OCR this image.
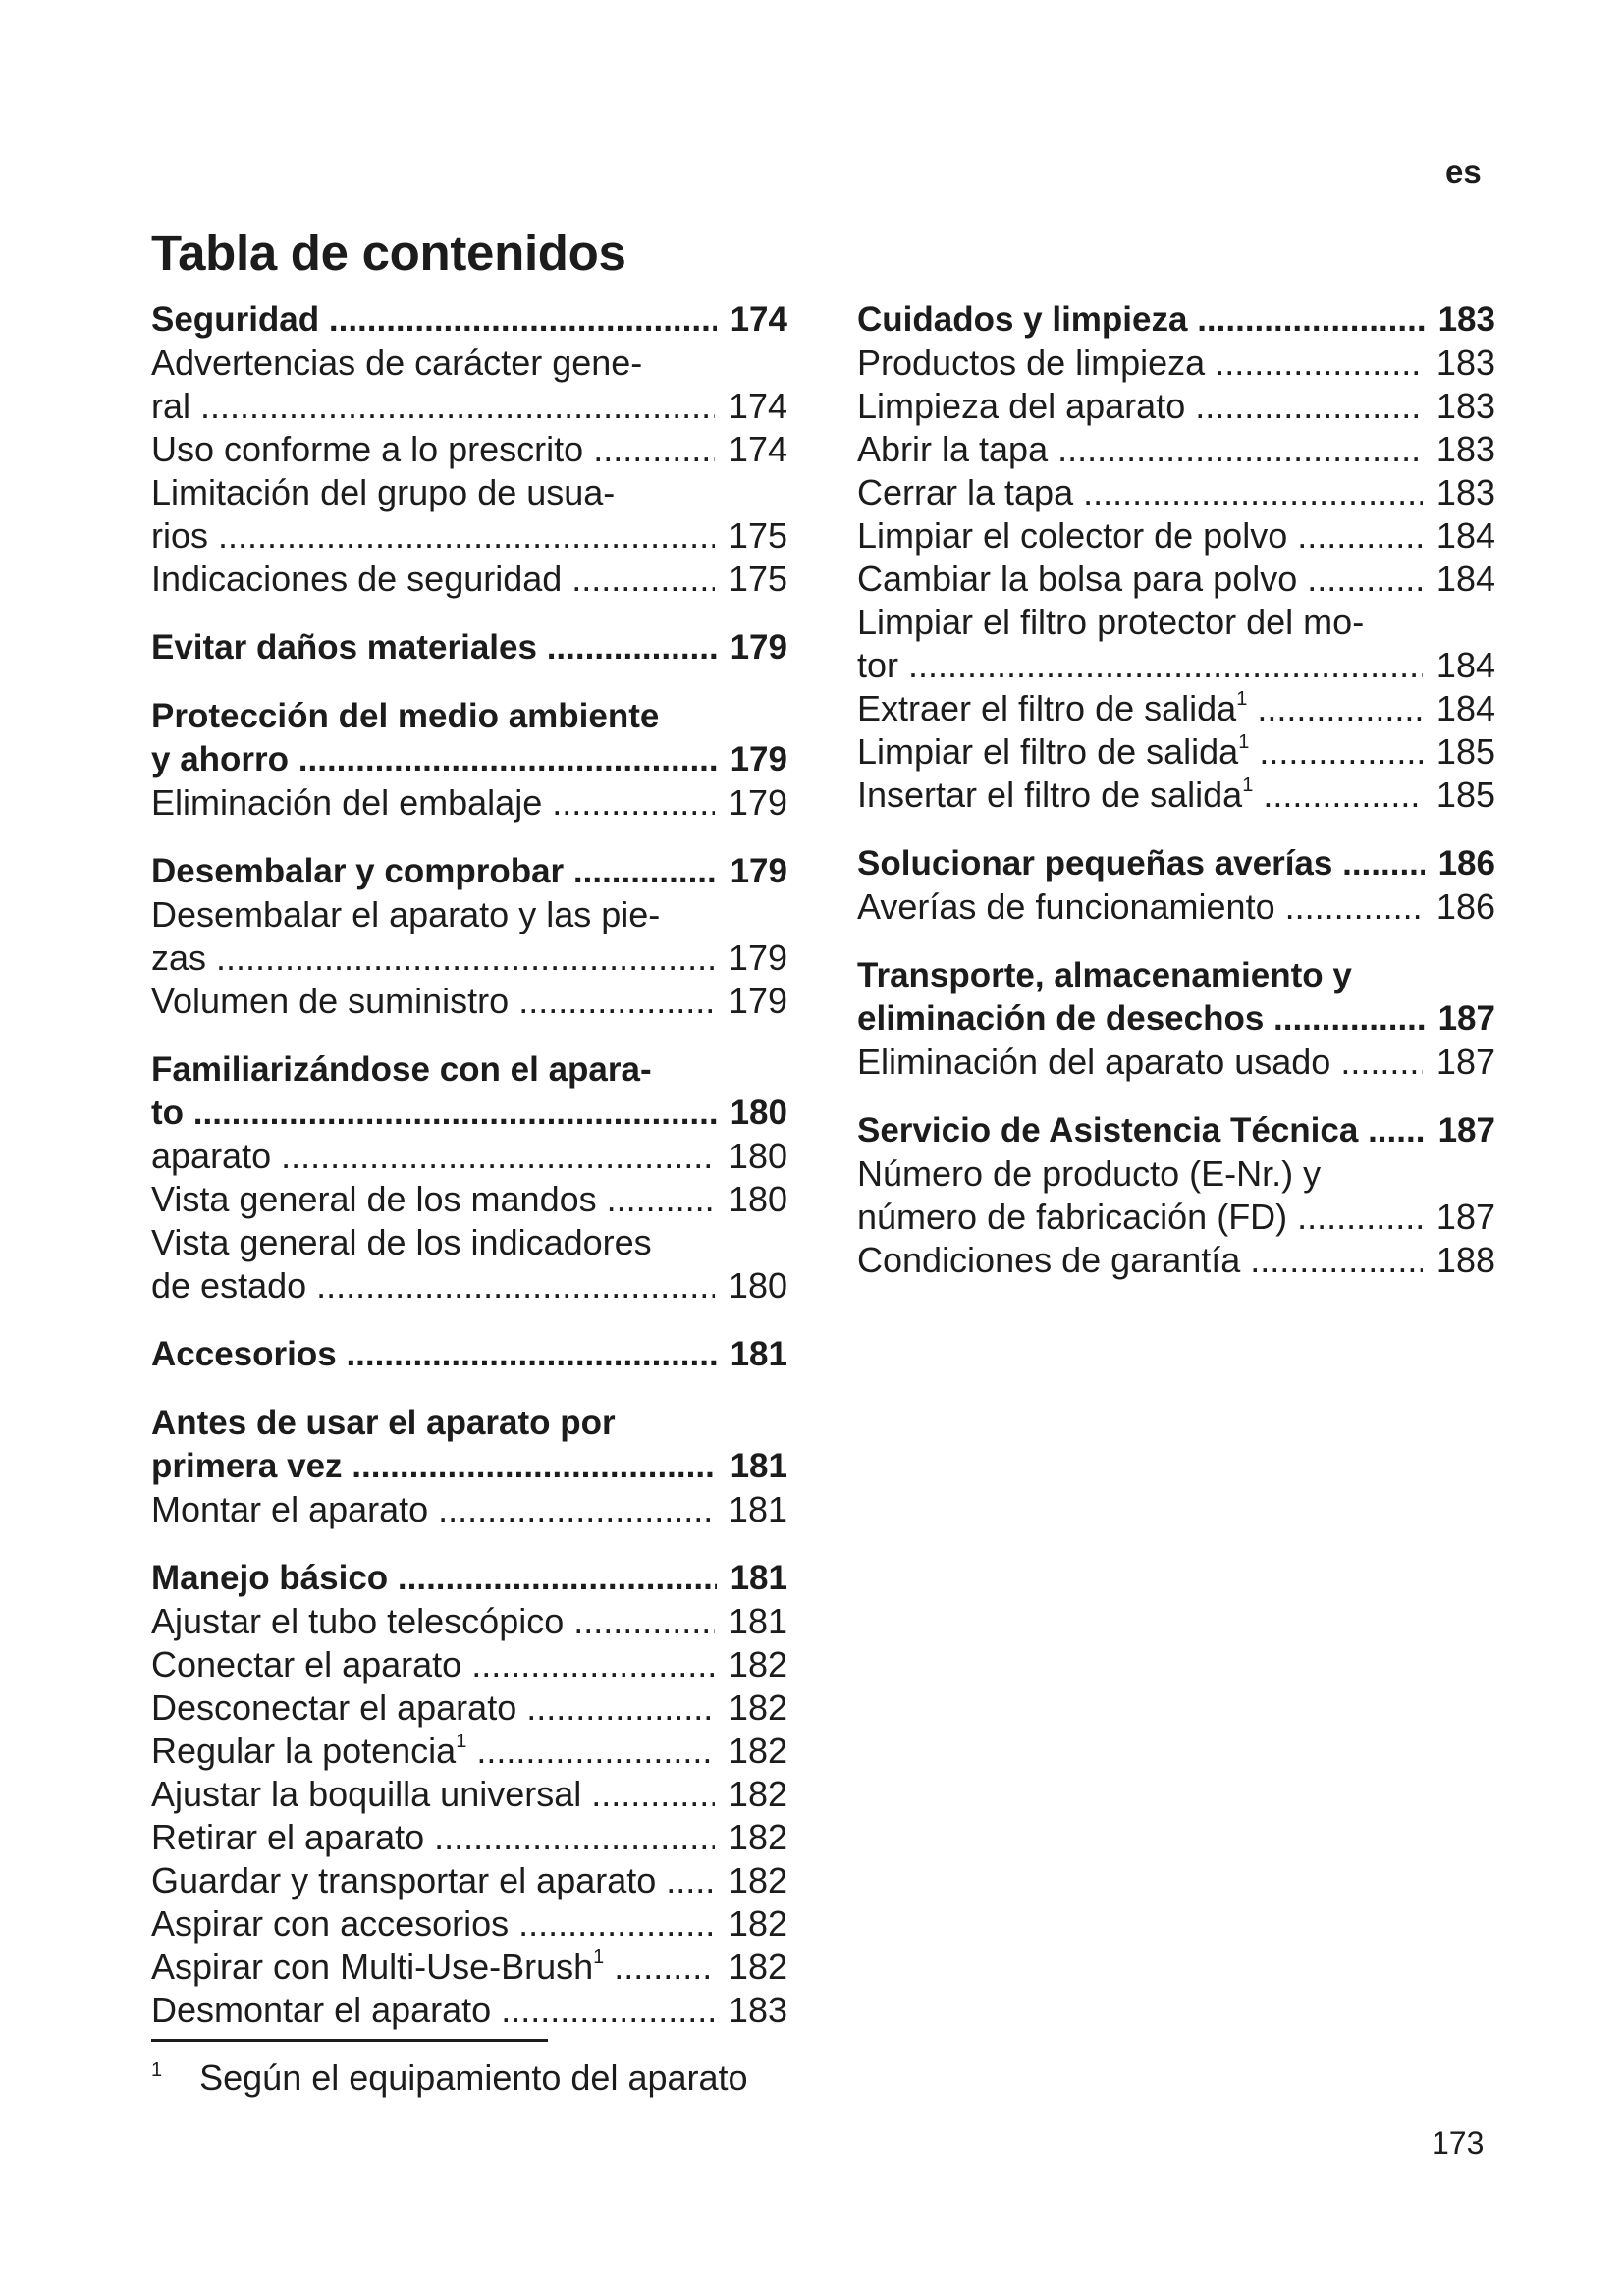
es
Tabla de contenidos
Seguridad .....	174
Advertencias de carácter gene-
ral .....	174
Uso conforme a lo prescrito .....	174
Limitación del grupo de usua-
rios .....	175
Indicaciones de seguridad .....	175
Evitar daños materiales .....	179
Protección del medio ambiente
y ahorro .....	179
Eliminación del embalaje .....	179
Desembalar y comprobar .....	179
Desembalar el aparato y las pie-
zas .....	179
Volumen de suministro .....	179
Familiarizándose con el apara-
to .....	180
aparato .....	180
Vista general de los mandos .....	180
Vista general de los indicadores
de estado .....	180
Accesorios .....	181
Antes de usar el aparato por
primera vez .....	181
Montar el aparato .....	181
Manejo básico .....	181
Ajustar el tubo telescópico .....	181
Conectar el aparato .....	182
Desconectar el aparato .....	182
Regular la potencia$^1$ .....	182
Ajustar la boquilla universal .....	182
Retirar el aparato .....	182
Guardar y transportar el aparato .....	182
Aspirar con accesorios .....	182
Aspirar con Multi-Use-Brush$^1$ .....	182
Desmontar el aparato .....	183
Cuidados y limpieza .....	183
Productos de limpieza .....	183
Limpieza del aparato .....	183
Abrir la tapa .....	183
Cerrar la tapa .....	183
Limpiar el colector de polvo .....	184
Cambiar la bolsa para polvo .....	184
Limpiar el filtro protector del mo-
tor .....	184
Extraer el filtro de salida$^1$ .....	184
Limpiar el filtro de salida$^1$ .....	185
Insertar el filtro de salida$^1$ .....	185
Solucionar pequeñas averías .....	186
Averías de funcionamiento .....	186
Transporte, almacenamiento y
eliminación de desechos .....	187
Eliminación del aparato usado .....	187
Servicio de Asistencia Técnica .....	187
Número de producto (E-Nr.) y
número de fabricación (FD) .....	187
Condiciones de garantía .....	188
$^1$ Según el equipamiento del aparato
173
